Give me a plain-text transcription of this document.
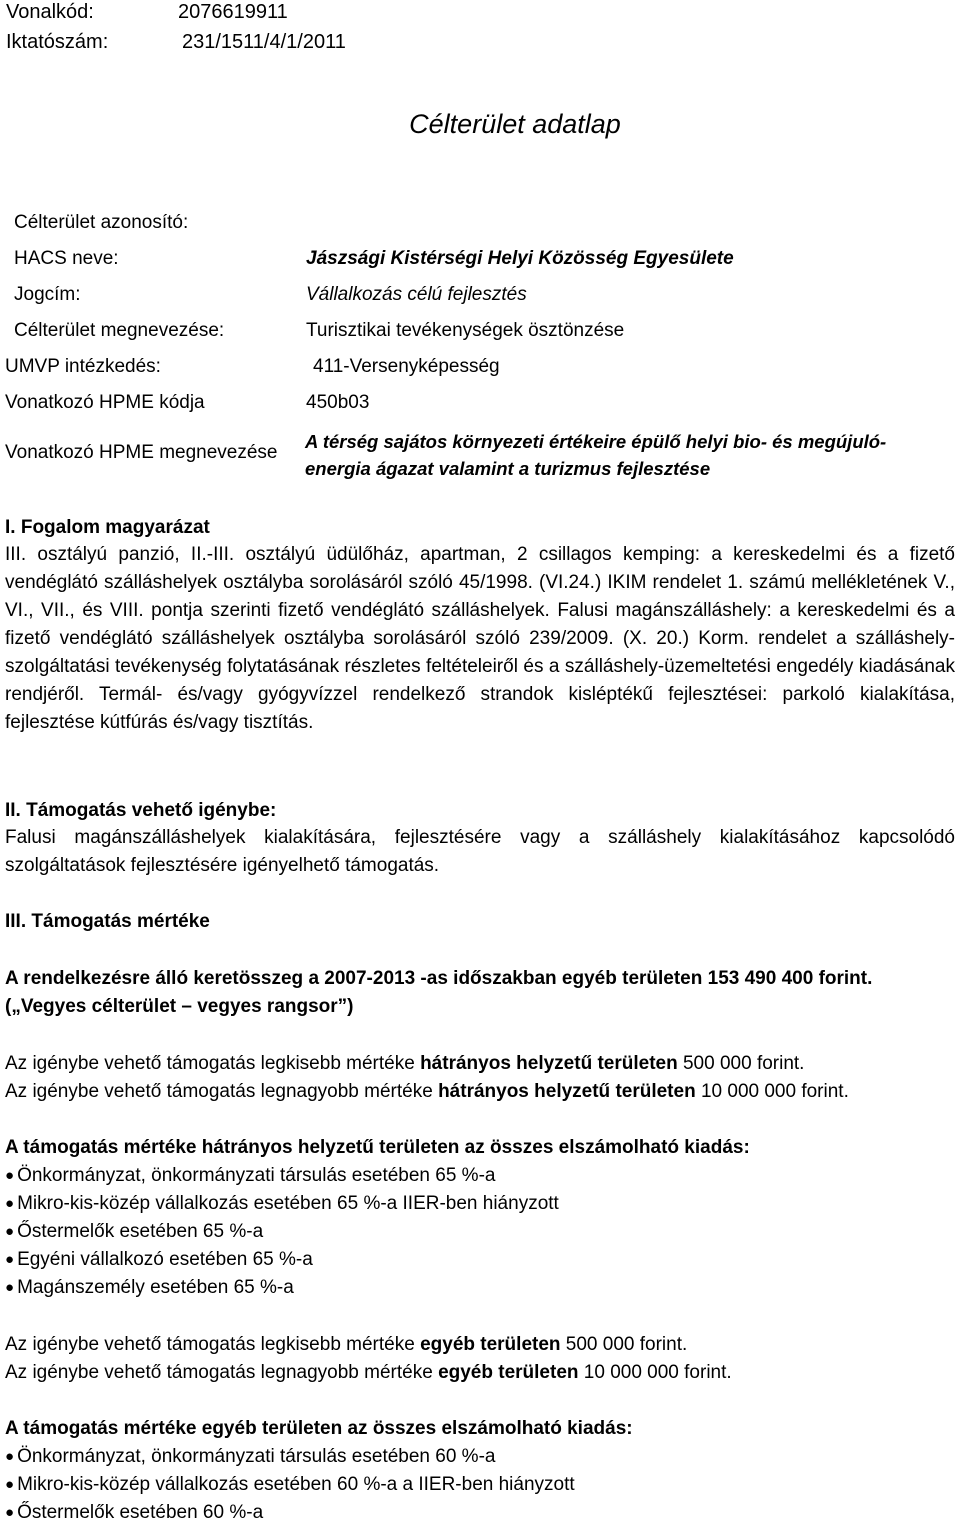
Vonalkód:	2076619911
Iktatószám:	231/1511/4/1/2011
Célterület adatlap
Célterület azonosító:
HACS neve:	Jászsági Kistérségi Helyi Közösség Egyesülete
Jogcím:	Vállalkozás célú fejlesztés
Célterület megnevezése:	Turisztikai tevékenységek ösztönzése
UMVP intézkedés:	411-Versenyképesség
Vonatkozó HPME kódja	450b03
Vonatkozó HPME megnevezése
A térség sajátos környezeti értékeire épülő helyi bio- és megújuló-energia ágazat valamint a turizmus fejlesztése
I. Fogalom magyarázat
III. osztályú panzió, II.-III. osztályú üdülőház, apartman, 2 csillagos kemping: a kereskedelmi és a fizető vendéglátó szálláshelyek osztályba sorolásáról szóló 45/1998. (VI.24.) IKIM rendelet 1. számú mellékletének V., VI., VII., és VIII. pontja szerinti fizető vendéglátó szálláshelyek. Falusi magánszálláshely: a kereskedelmi és a fizető vendéglátó szálláshelyek osztályba sorolásáról szóló 239/2009. (X. 20.) Korm. rendelet a szálláshely-szolgáltatási tevékenység folytatásának részletes feltételeiről és a szálláshely-üzemeltetési engedély kiadásának rendjéről. Termál- és/vagy gyógyvízzel rendelkező strandok kisléptékű fejlesztései: parkoló kialakítása, fejlesztése kútfúrás és/vagy tisztítás.
II. Támogatás vehető igénybe:
Falusi magánszálláshelyek kialakítására, fejlesztésére vagy a szálláshely kialakításához kapcsolódó szolgáltatások fejlesztésére igényelhető támogatás.
III. Támogatás mértéke
A rendelkezésre álló keretösszeg a 2007-2013 -as időszakban egyéb területen 153 490 400 forint.
(„Vegyes célterület – vegyes rangsor”)
Az igénybe vehető támogatás legkisebb mértéke hátrányos helyzetű területen 500 000 forint.
Az igénybe vehető támogatás legnagyobb mértéke hátrányos helyzetű területen 10 000 000 forint.
A támogatás mértéke hátrányos helyzetű területen az összes elszámolható kiadás:
● Önkormányzat, önkormányzati társulás esetében 65 %-a
● Mikro-kis-közép vállalkozás esetében 65 %-a IIER-ben hiányzott
● Őstermelők esetében 65 %-a
● Egyéni vállalkozó esetében 65 %-a
● Magánszemély esetében 65 %-a
Az igénybe vehető támogatás legkisebb mértéke egyéb területen 500 000 forint.
Az igénybe vehető támogatás legnagyobb mértéke egyéb területen 10 000 000 forint.
A támogatás mértéke egyéb területen az összes elszámolható kiadás:
● Önkormányzat, önkormányzati társulás esetében 60 %-a
● Mikro-kis-közép vállalkozás esetében 60 %-a a IIER-ben hiányzott
● Őstermelők esetében 60 %-a
